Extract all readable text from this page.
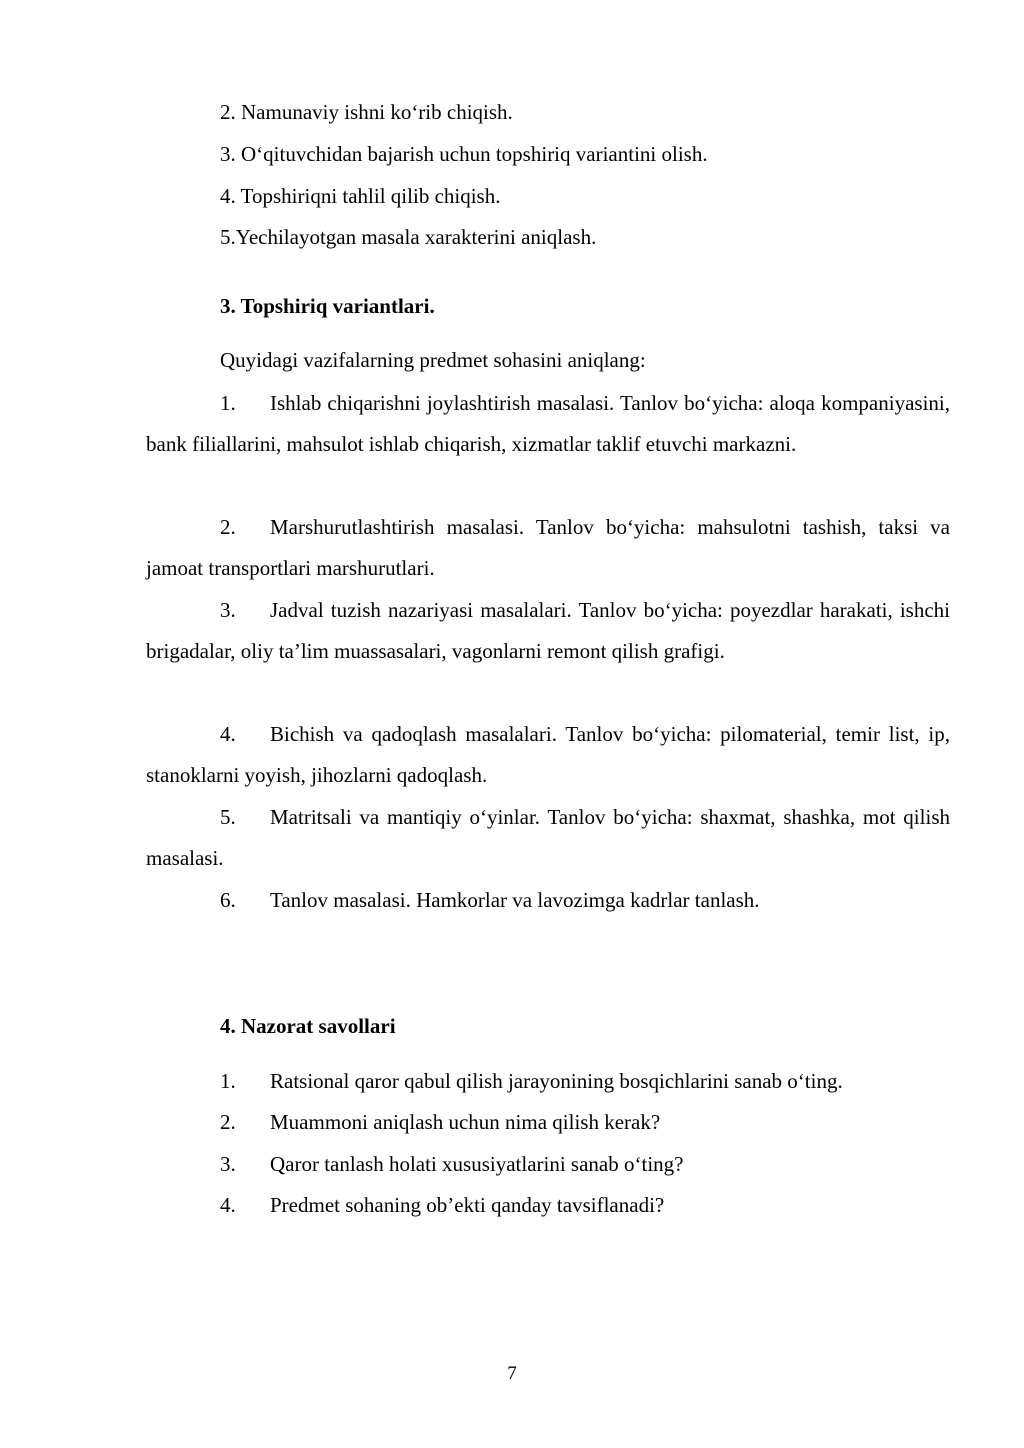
2. Namunaviy ishni ko‘rib chiqish.
3. O‘qituvchidan bajarish uchun topshiriq variantini olish.
4. Topshiriqni tahlil qilib chiqish.
5.Yechilayotgan masala xarakterini aniqlash.
3. Topshiriq variantlari.
Quyidagi vazifalarning predmet sohasini aniqlang:
1. Ishlab chiqarishni joylashtirish masalasi. Tanlov bo‘yicha: aloqa kompaniyasini, bank filiallarini, mahsulot ishlab chiqarish, xizmatlar taklif etuvchi markazni.
2. Marshurutlashtirish masalasi. Tanlov bo‘yicha: mahsulotni tashish, taksi va jamoat transportlari marshurutlari.
3. Jadval tuzish nazariyasi masalalari. Tanlov bo‘yicha: poyezdlar harakati, ishchi brigadalar, oliy ta’lim muassasalari, vagonlarni remont qilish grafigi.
4. Bichish va qadoqlash masalalari. Tanlov bo‘yicha: pilomaterial, temir list, ip, stanoklarni yoyish, jihozlarni qadoqlash.
5. Matritsali va mantiqiy o‘yinlar. Tanlov bo‘yicha: shaxmat, shashka, mot qilish masalasi.
6. Tanlov masalasi. Hamkorlar va lavozimga kadrlar tanlash.
4. Nazorat savollari
1. Ratsional qaror qabul qilish jarayonining bosqichlarini sanab o‘ting.
2. Muammoni aniqlash uchun nima qilish kerak?
3. Qaror tanlash holati xususiyatlarini sanab o‘ting?
4. Predmet sohaning ob’ekti qanday tavsiflanadi?
7
